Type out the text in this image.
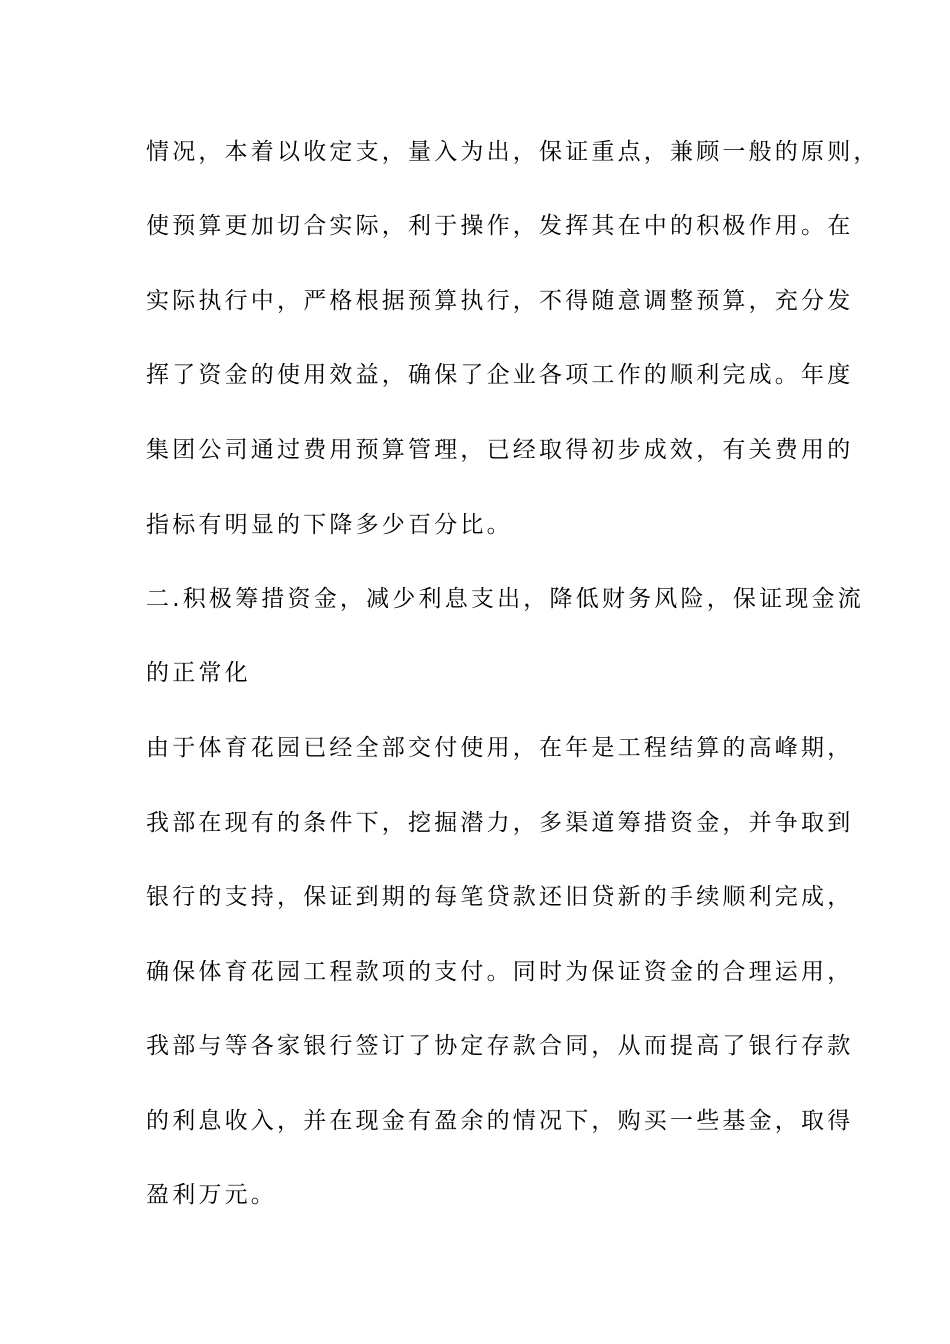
情况，本着以收定支，量入为出，保证重点，兼顾一般的原则，
使预算更加切合实际，利于操作，发挥其在中的积极作用。在
实际执行中，严格根据预算执行，不得随意调整预算，充分发
挥了资金的使用效益，确保了企业各项工作的顺利完成。年度
集团公司通过费用预算管理，已经取得初步成效，有关费用的
指标有明显的下降多少百分比。
二.积极筹措资金，减少利息支出，降低财务风险，保证现金流
的正常化
由于体育花园已经全部交付使用，在年是工程结算的高峰期，
我部在现有的条件下，挖掘潜力，多渠道筹措资金，并争取到
银行的支持，保证到期的每笔贷款还旧贷新的手续顺利完成，
确保体育花园工程款项的支付。同时为保证资金的合理运用，
我部与等各家银行签订了协定存款合同，从而提高了银行存款
的利息收入，并在现金有盈余的情况下，购买一些基金，取得
盈利万元。
